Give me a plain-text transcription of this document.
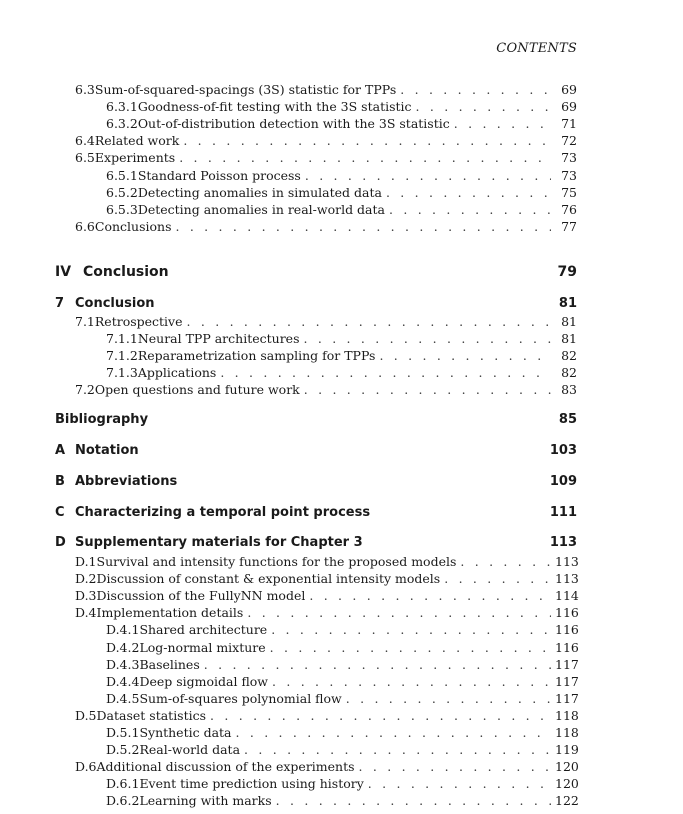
CONTENTS
6.3 Sum-of-squared-spacings (3S) statistic for TPPs . . .	69
6.3.1 Goodness-of-fit testing with the 3S statistic . . .	69
6.3.2 Out-of-distribution detection with the 3S statistic . . .	71
6.4 Related work . . .	72
6.5 Experiments . . .	73
6.5.1 Standard Poisson process . . .	73
6.5.2 Detecting anomalies in simulated data . . .	75
6.5.3 Detecting anomalies in real-world data . . .	76
6.6 Conclusions . . .	77
IV Conclusion	79
7 Conclusion	81
7.1 Retrospective . . .	81
7.1.1 Neural TPP architectures . . .	81
7.1.2 Reparametrization sampling for TPPs . . .	82
7.1.3 Applications . . .	82
7.2 Open questions and future work . . .	83
Bibliography	85
A Notation	103
B Abbreviations	109
C Characterizing a temporal point process	111
D Supplementary materials for Chapter 3	113
D.1 Survival and intensity functions for the proposed models . . .	113
D.2 Discussion of constant & exponential intensity models . . .	113
D.3 Discussion of the FullyNN model . . .	114
D.4 Implementation details . . .	116
D.4.1 Shared architecture . . .	116
D.4.2 Log-normal mixture . . .	116
D.4.3 Baselines . . .	117
D.4.4 Deep sigmoidal flow . . .	117
D.4.5 Sum-of-squares polynomial flow . . .	117
D.5 Dataset statistics . . .	118
D.5.1 Synthetic data . . .	118
D.5.2 Real-world data . . .	119
D.6 Additional discussion of the experiments . . .	120
D.6.1 Event time prediction using history . . .	120
D.6.2 Learning with marks . . .	122
